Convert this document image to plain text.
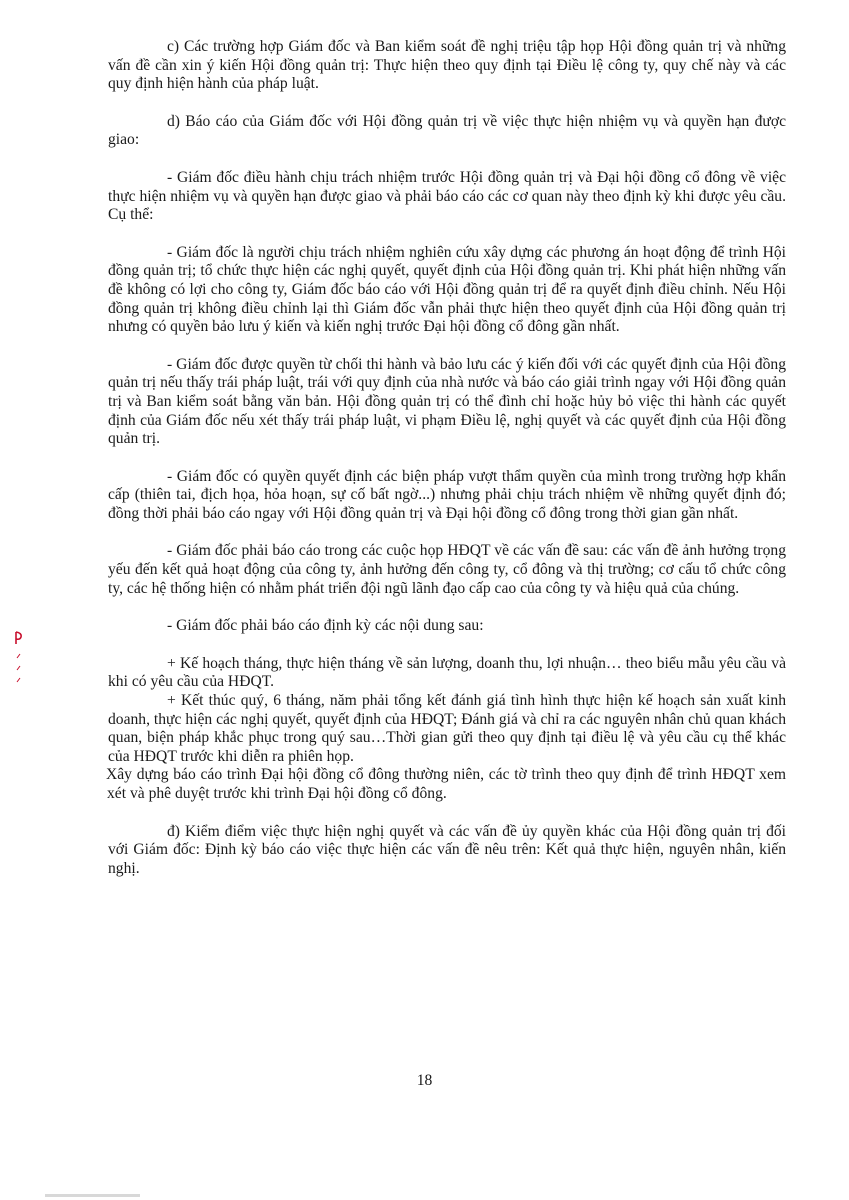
c) Các trường hợp Giám đốc và Ban kiểm soát đề nghị triệu tập họp Hội đồng quản trị và những vấn đề cần xin ý kiến Hội đồng quản trị: Thực hiện theo quy định tại Điều lệ công ty, quy chế này và các quy định hiện hành của pháp luật.

d) Báo cáo của Giám đốc với Hội đồng quản trị về việc thực hiện nhiệm vụ và quyền hạn được giao:

- Giám đốc điều hành chịu trách nhiệm trước Hội đồng quản trị và Đại hội đồng cổ đông về việc thực hiện nhiệm vụ và quyền hạn được giao và phải báo cáo các cơ quan này theo định kỳ khi được yêu cầu. Cụ thể:

- Giám đốc là người chịu trách nhiệm nghiên cứu xây dựng các phương án hoạt động để trình Hội đồng quản trị; tổ chức thực hiện các nghị quyết, quyết định của Hội đồng quản trị. Khi phát hiện những vấn đề không có lợi cho công ty, Giám đốc báo cáo với Hội đồng quản trị để ra quyết định điều chỉnh. Nếu Hội đồng quản trị không điều chỉnh lại thì Giám đốc vẫn phải thực hiện theo quyết định của Hội đồng quản trị nhưng có quyền bảo lưu ý kiến và kiến nghị trước Đại hội đồng cổ đông gần nhất.

- Giám đốc được quyền từ chối thi hành và bảo lưu các ý kiến đối với các quyết định của Hội đồng quản trị nếu thấy trái pháp luật, trái với quy định của nhà nước và báo cáo giải trình ngay với Hội đồng quản trị và Ban kiểm soát bằng văn bản. Hội đồng quản trị có thể đình chỉ hoặc hủy bỏ việc thi hành các quyết định của Giám đốc nếu xét thấy trái pháp luật, vi phạm Điều lệ, nghị quyết và các quyết định của Hội đồng quản trị.

- Giám đốc có quyền quyết định các biện pháp vượt thẩm quyền của mình trong trường hợp khẩn cấp (thiên tai, địch họa, hỏa hoạn, sự cố bất ngờ...) nhưng phải chịu trách nhiệm về những quyết định đó; đồng thời phải báo cáo ngay với Hội đồng quản trị và Đại hội đồng cổ đông trong thời gian gần nhất.

- Giám đốc phải báo cáo trong các cuộc họp HĐQT về các vấn đề sau: các vấn đề ảnh hưởng trọng yếu đến kết quả hoạt động của công ty, ảnh hưởng đến công ty, cổ đông và thị trường; cơ cấu tổ chức công ty, các hệ thống hiện có nhằm phát triển đội ngũ lãnh đạo cấp cao của công ty và hiệu quả của chúng.

- Giám đốc phải báo cáo định kỳ các nội dung sau:

+ Kế hoạch tháng, thực hiện tháng về sản lượng, doanh thu, lợi nhuận… theo biểu mẫu yêu cầu và khi có yêu cầu của HĐQT.

+ Kết thúc quý, 6 tháng, năm phải tổng kết đánh giá tình hình thực hiện kế hoạch sản xuất kinh doanh, thực hiện các nghị quyết, quyết định của HĐQT; Đánh giá và chỉ ra các nguyên nhân chủ quan khách quan, biện pháp khắc phục trong quý sau…Thời gian gửi theo quy định tại điều lệ và yêu cầu cụ thể khác của HĐQT trước khi diễn ra phiên họp.

Xây dựng báo cáo trình Đại hội đồng cổ đông thường niên, các tờ trình theo quy định để trình HĐQT xem xét và phê duyệt trước khi trình Đại hội đồng cổ đông.

đ) Kiểm điểm việc thực hiện nghị quyết và các vấn đề ủy quyền khác của Hội đồng quản trị đối với Giám đốc: Định kỳ báo cáo việc thực hiện các vấn đề nêu trên: Kết quả thực hiện, nguyên nhân, kiến nghị.

18
